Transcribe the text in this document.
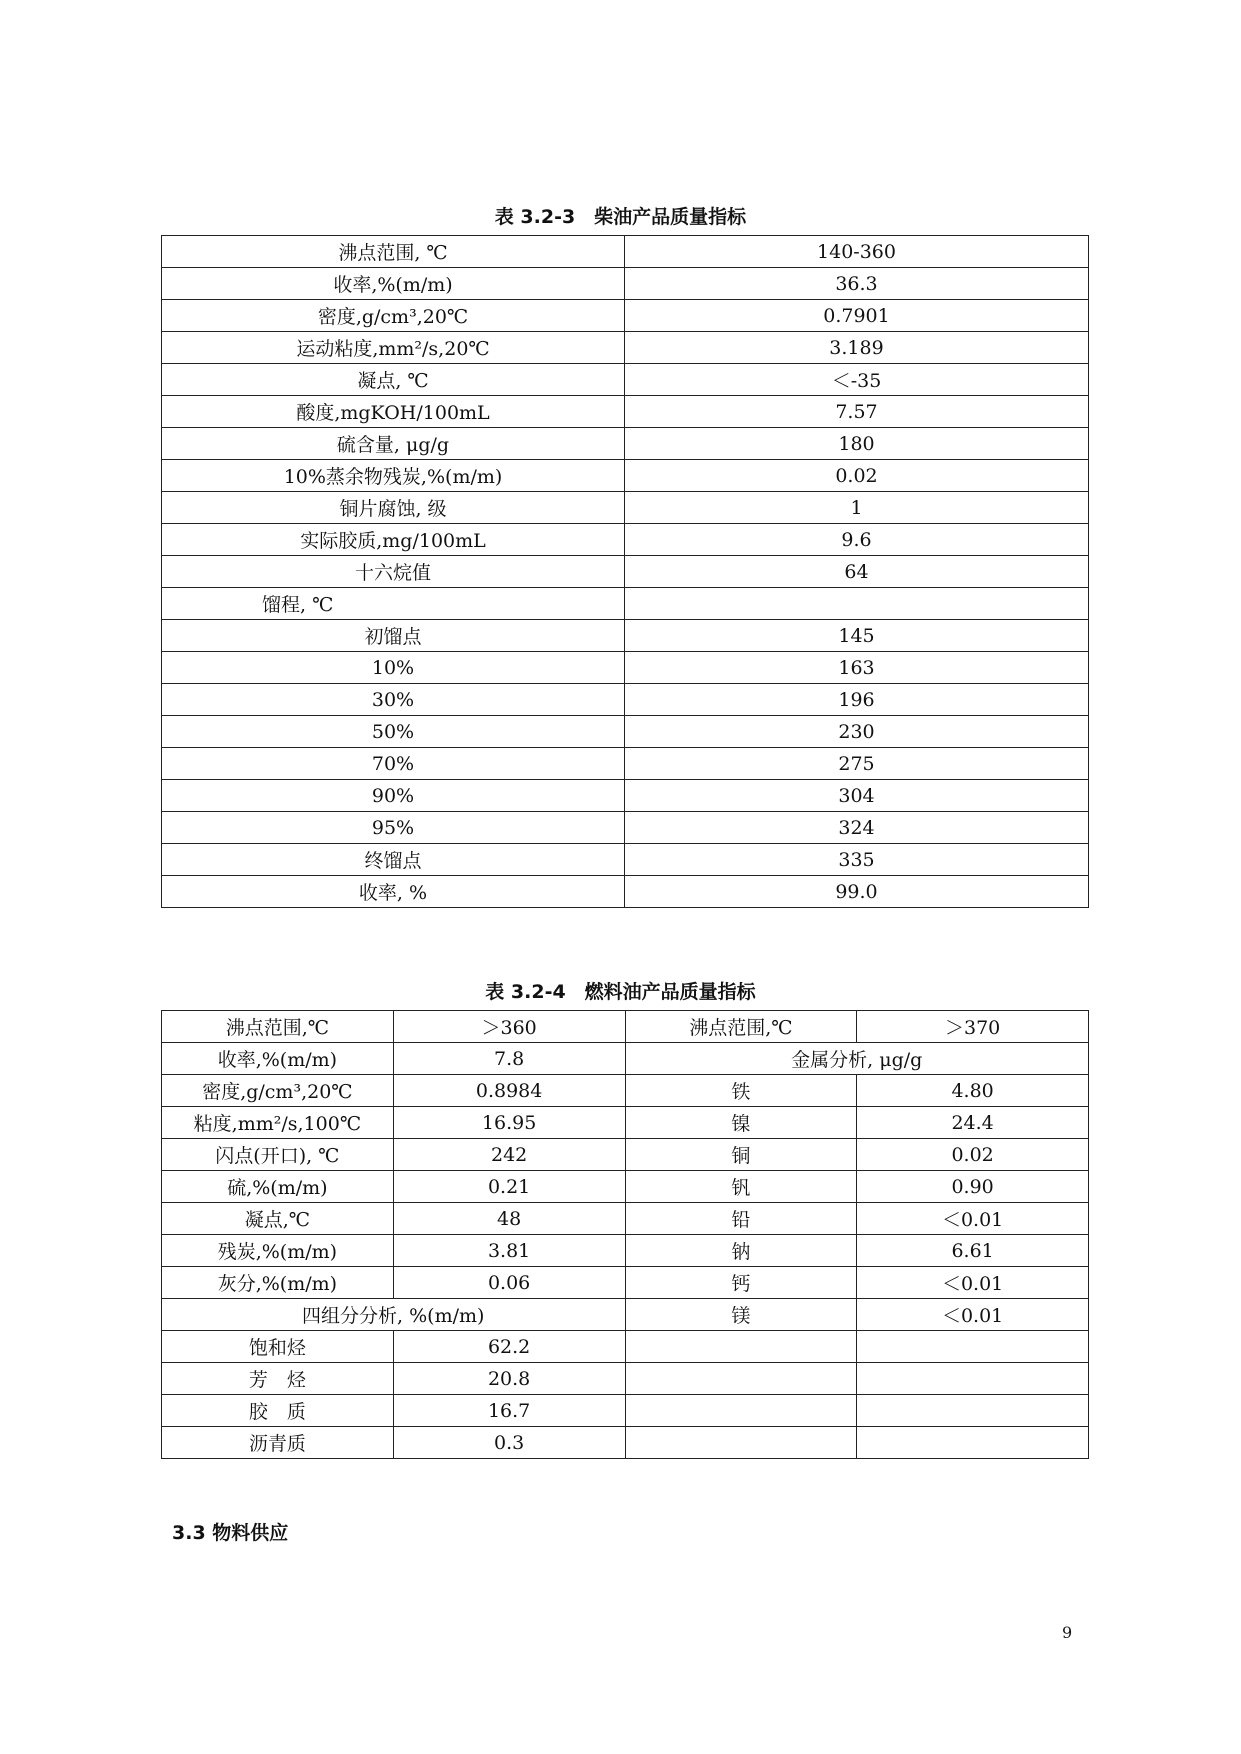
表 3.2-3　柴油产品质量指标
沸点范围, ℃	140-360
收率,%(m/m)	36.3
密度,g/cm³,20℃	0.7901
运动粘度,mm²/s,20℃	3.189
凝点, ℃	＜-35
酸度,mgKOH/100mL	7.57
硫含量, μg/g	180
10%蒸余物残炭,%(m/m)	0.02
铜片腐蚀, 级	1
实际胶质,mg/100mL	9.6
十六烷值	64
馏程, ℃	
初馏点	145
10%	163
30%	196
50%	230
70%	275
90%	304
95%	324
终馏点	335
收率, %	99.0
表 3.2-4　燃料油产品质量指标
沸点范围,℃	＞360	沸点范围,℃	＞370
收率,%(m/m)	7.8	金属分析, μg/g	
密度,g/cm³,20℃	0.8984	铁	4.80
粘度,mm²/s,100℃	16.95	镍	24.4
闪点(开口), ℃	242	铜	0.02
硫,%(m/m)	0.21	钒	0.90
凝点,℃	48	铅	＜0.01
残炭,%(m/m)	3.81	钠	6.61
灰分,%(m/m)	0.06	钙	＜0.01
四组分分析, %(m/m)		镁	＜0.01
饱和烃	62.2		
芳　烃	20.8		
胶　质	16.7		
沥青质	0.3		
3.3 物料供应
9
